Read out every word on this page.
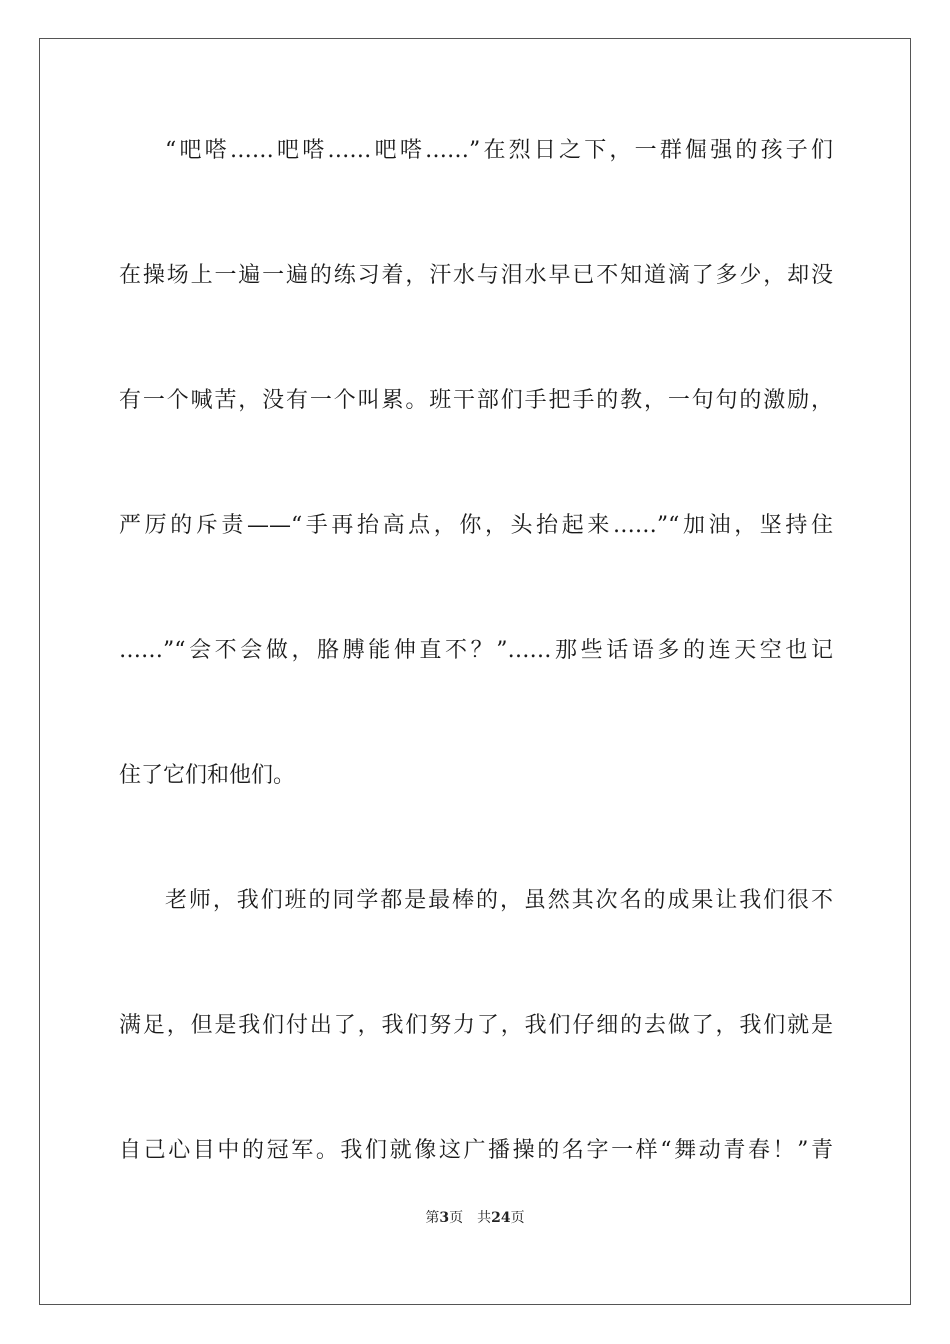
“吧嗒……吧嗒……吧嗒……”在烈日之下，一群倔强的孩子们
在操场上一遍一遍的练习着，汗水与泪水早已不知道滴了多少，却没
有一个喊苦，没有一个叫累。班干部们手把手的教，一句句的激励，
严厉的斥责——“手再抬高点，你，头抬起来……”“加油，坚持住
……”“会不会做，胳膊能伸直不？”……那些话语多的连天空也记
住了它们和他们。
老师，我们班的同学都是最棒的，虽然其次名的成果让我们很不
满足，但是我们付出了，我们努力了，我们仔细的去做了，我们就是
自己心目中的冠军。我们就像这广播操的名字一样“舞动青春！”青
第3页 共24页
